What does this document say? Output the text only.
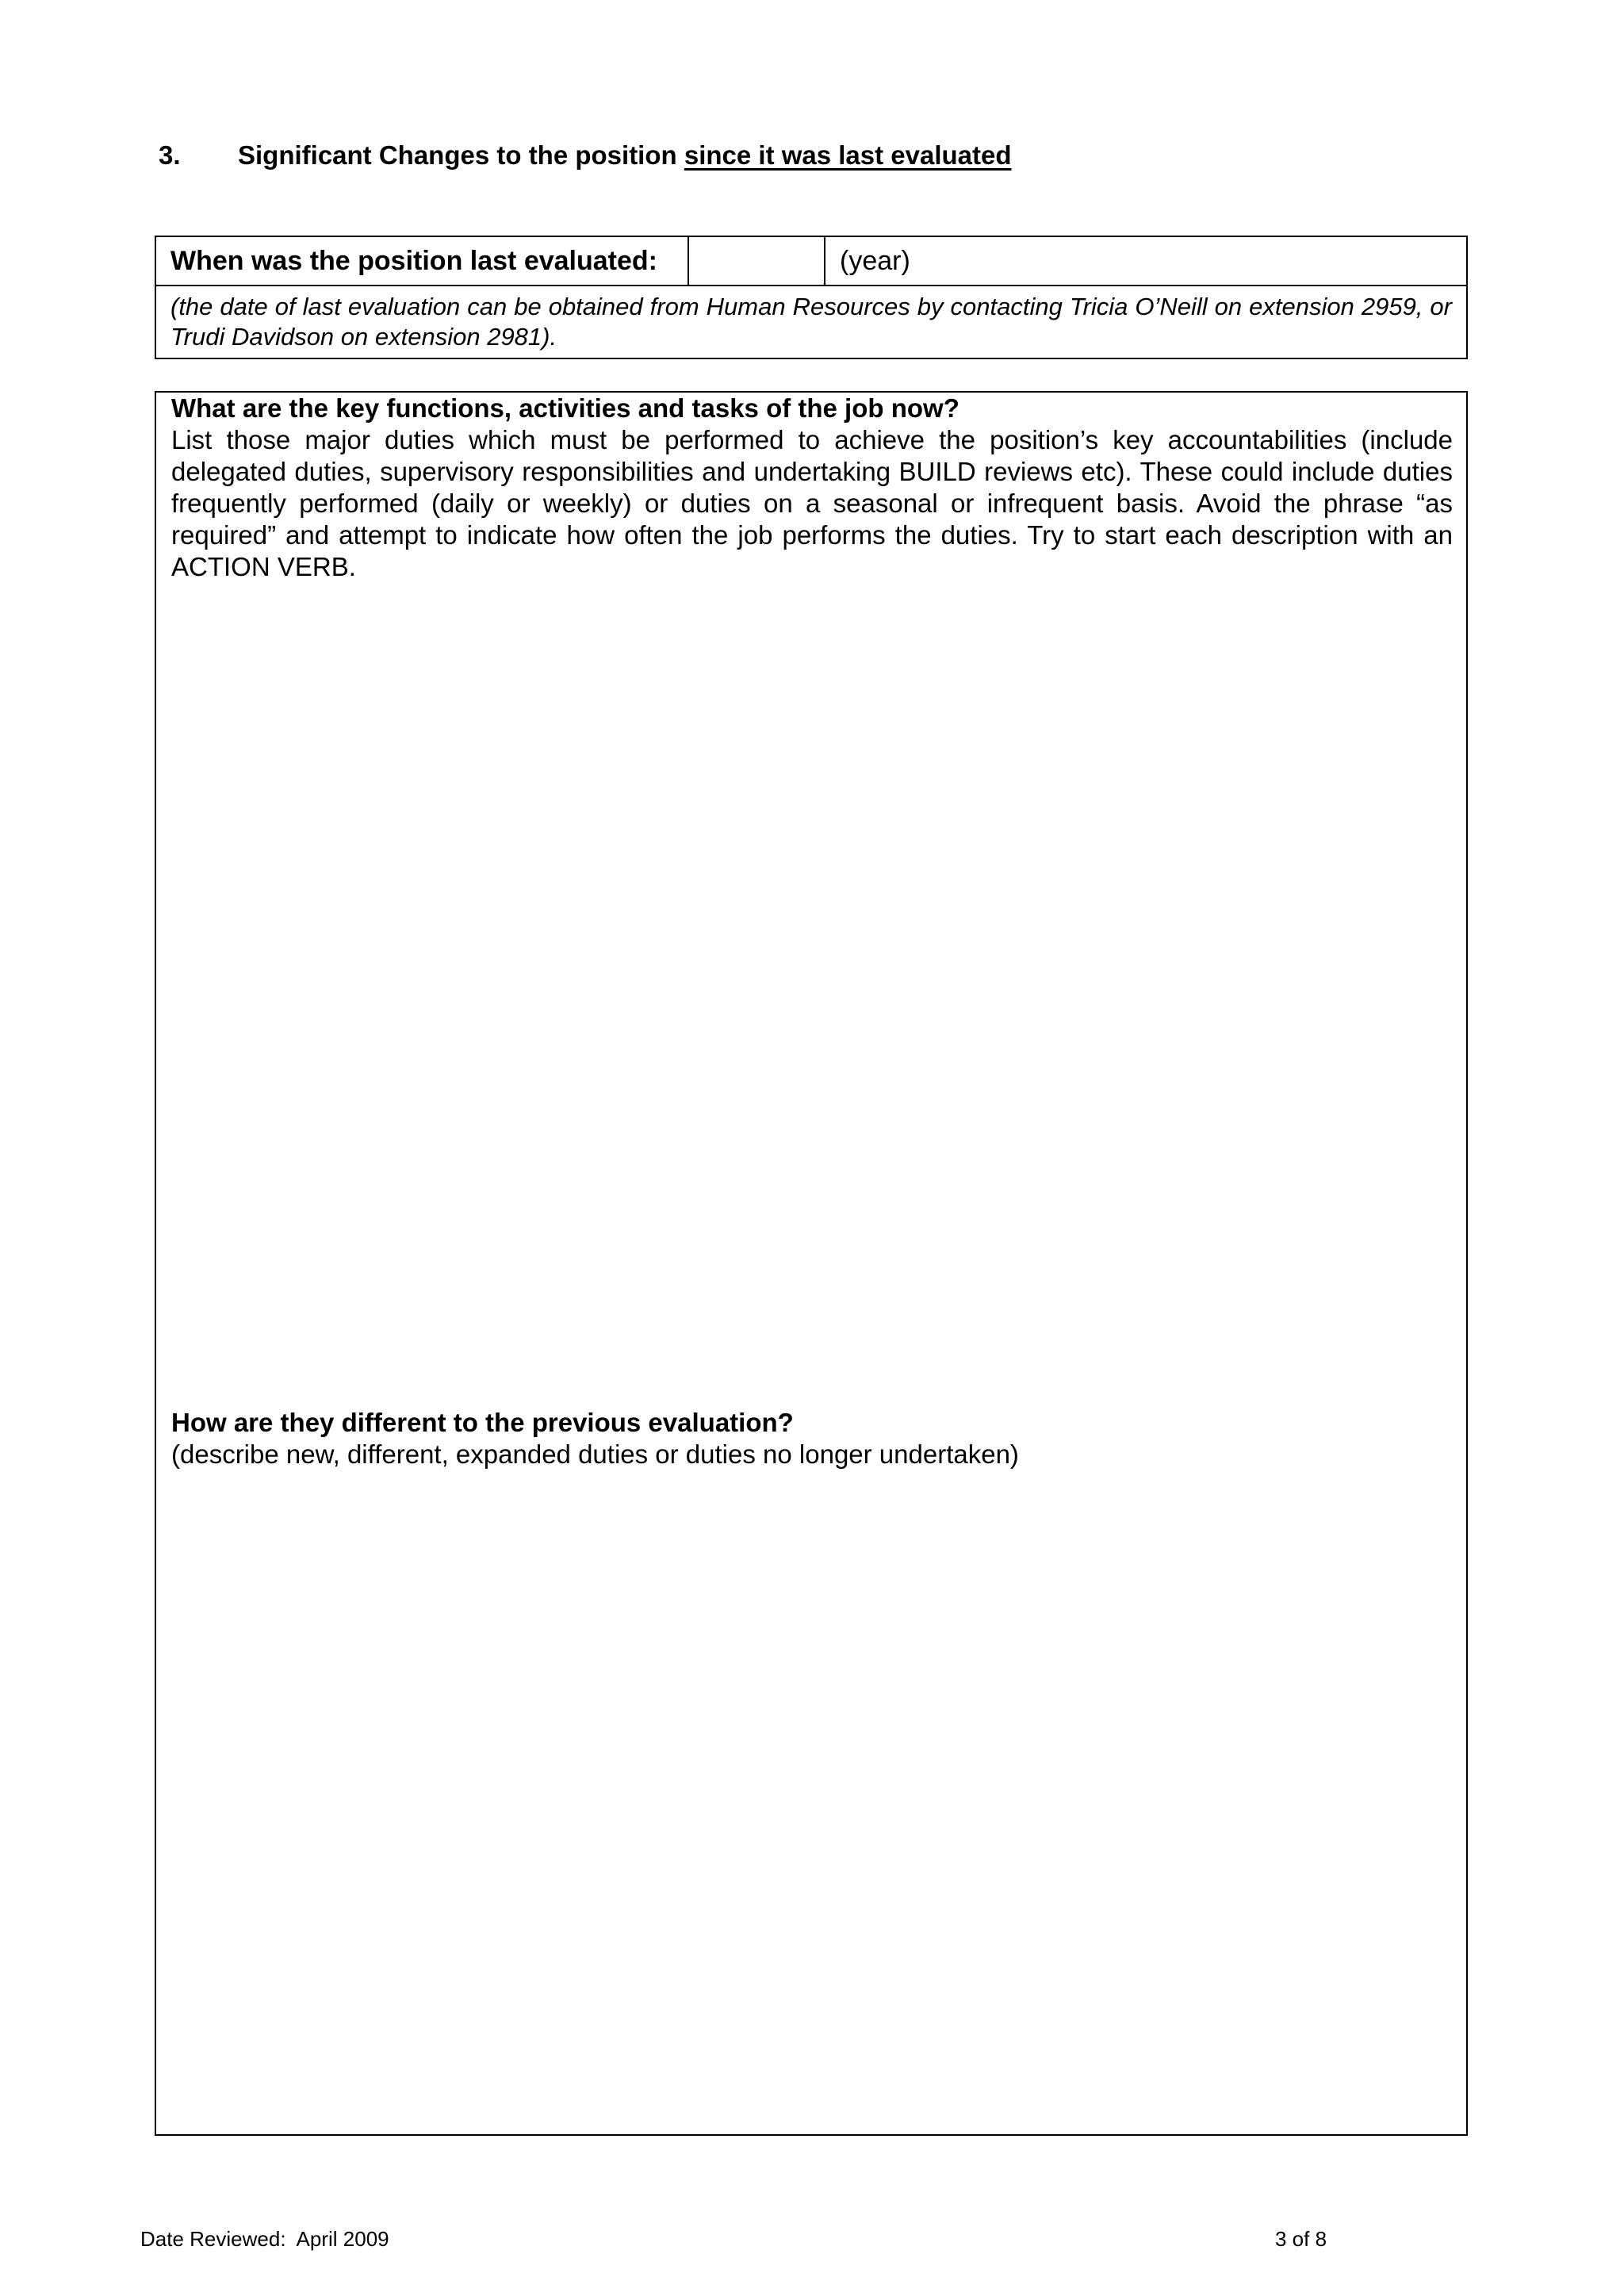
3. Significant Changes to the position since it was last evaluated
When was the position last evaluated:		(year)
(the date of last evaluation can be obtained from Human Resources by contacting Tricia O’Neill on extension 2959, or Trudi Davidson on extension 2981).
What are the key functions, activities and tasks of the job now?
List those major duties which must be performed to achieve the position’s key accountabilities (include delegated duties, supervisory responsibilities and undertaking BUILD reviews etc). These could include duties frequently performed (daily or weekly) or duties on a seasonal or infrequent basis. Avoid the phrase “as required” and attempt to indicate how often the job performs the duties. Try to start each description with an ACTION VERB.
How are they different to the previous evaluation?
(describe new, different, expanded duties or duties no longer undertaken)
Date Reviewed:  April 2009	3 of 8
